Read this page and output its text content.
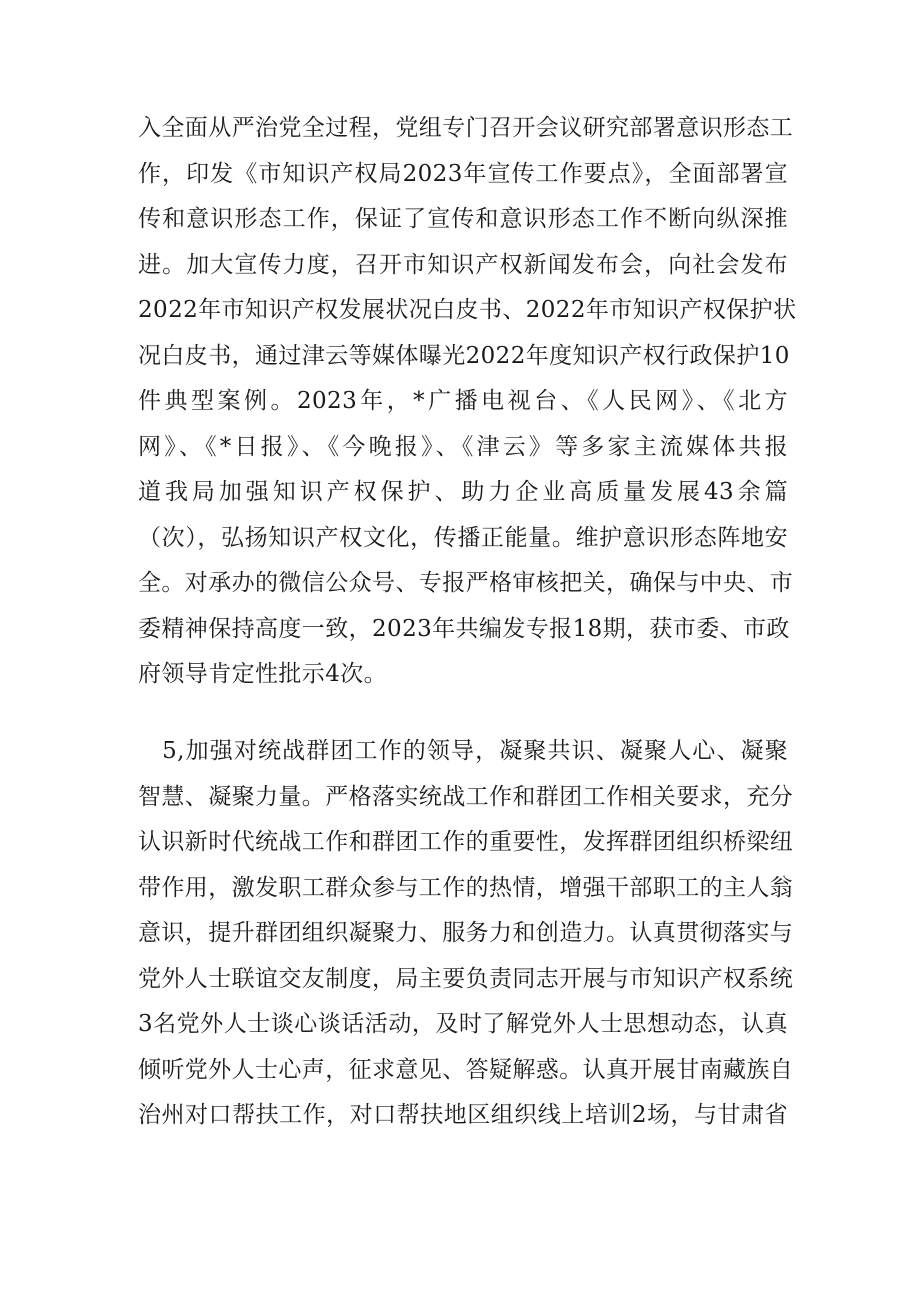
入全面从严治党全过程，党组专门召开会议研究部署意识形态工
作，印发《市知识产权局2023年宣传工作要点》，全面部署宣
传和意识形态工作，保证了宣传和意识形态工作不断向纵深推
进。加大宣传力度，召开市知识产权新闻发布会，向社会发布
2022年市知识产权发展状况白皮书、2022年市知识产权保护状
况白皮书，通过津云等媒体曝光2022年度知识产权行政保护10
件典型案例。2023年，*广播电视台、《人民网》、《北方
网》、《*日报》、《今晚报》、《津云》等多家主流媒体共报
道我局加强知识产权保护、助力企业高质量发展43余篇
（次），弘扬知识产权文化，传播正能量。维护意识形态阵地安
全。对承办的微信公众号、专报严格审核把关，确保与中央、市
委精神保持高度一致，2023年共编发专报18期，获市委、市政
府领导肯定性批示4次。
　5,加强对统战群团工作的领导，凝聚共识、凝聚人心、凝聚
智慧、凝聚力量。严格落实统战工作和群团工作相关要求，充分
认识新时代统战工作和群团工作的重要性，发挥群团组织桥梁纽
带作用，激发职工群众参与工作的热情，增强干部职工的主人翁
意识，提升群团组织凝聚力、服务力和创造力。认真贯彻落实与
党外人士联谊交友制度，局主要负责同志开展与市知识产权系统
3名党外人士谈心谈话活动，及时了解党外人士思想动态，认真
倾听党外人士心声，征求意见、答疑解惑。认真开展甘南藏族自
治州对口帮扶工作，对口帮扶地区组织线上培训2场，与甘肃省
